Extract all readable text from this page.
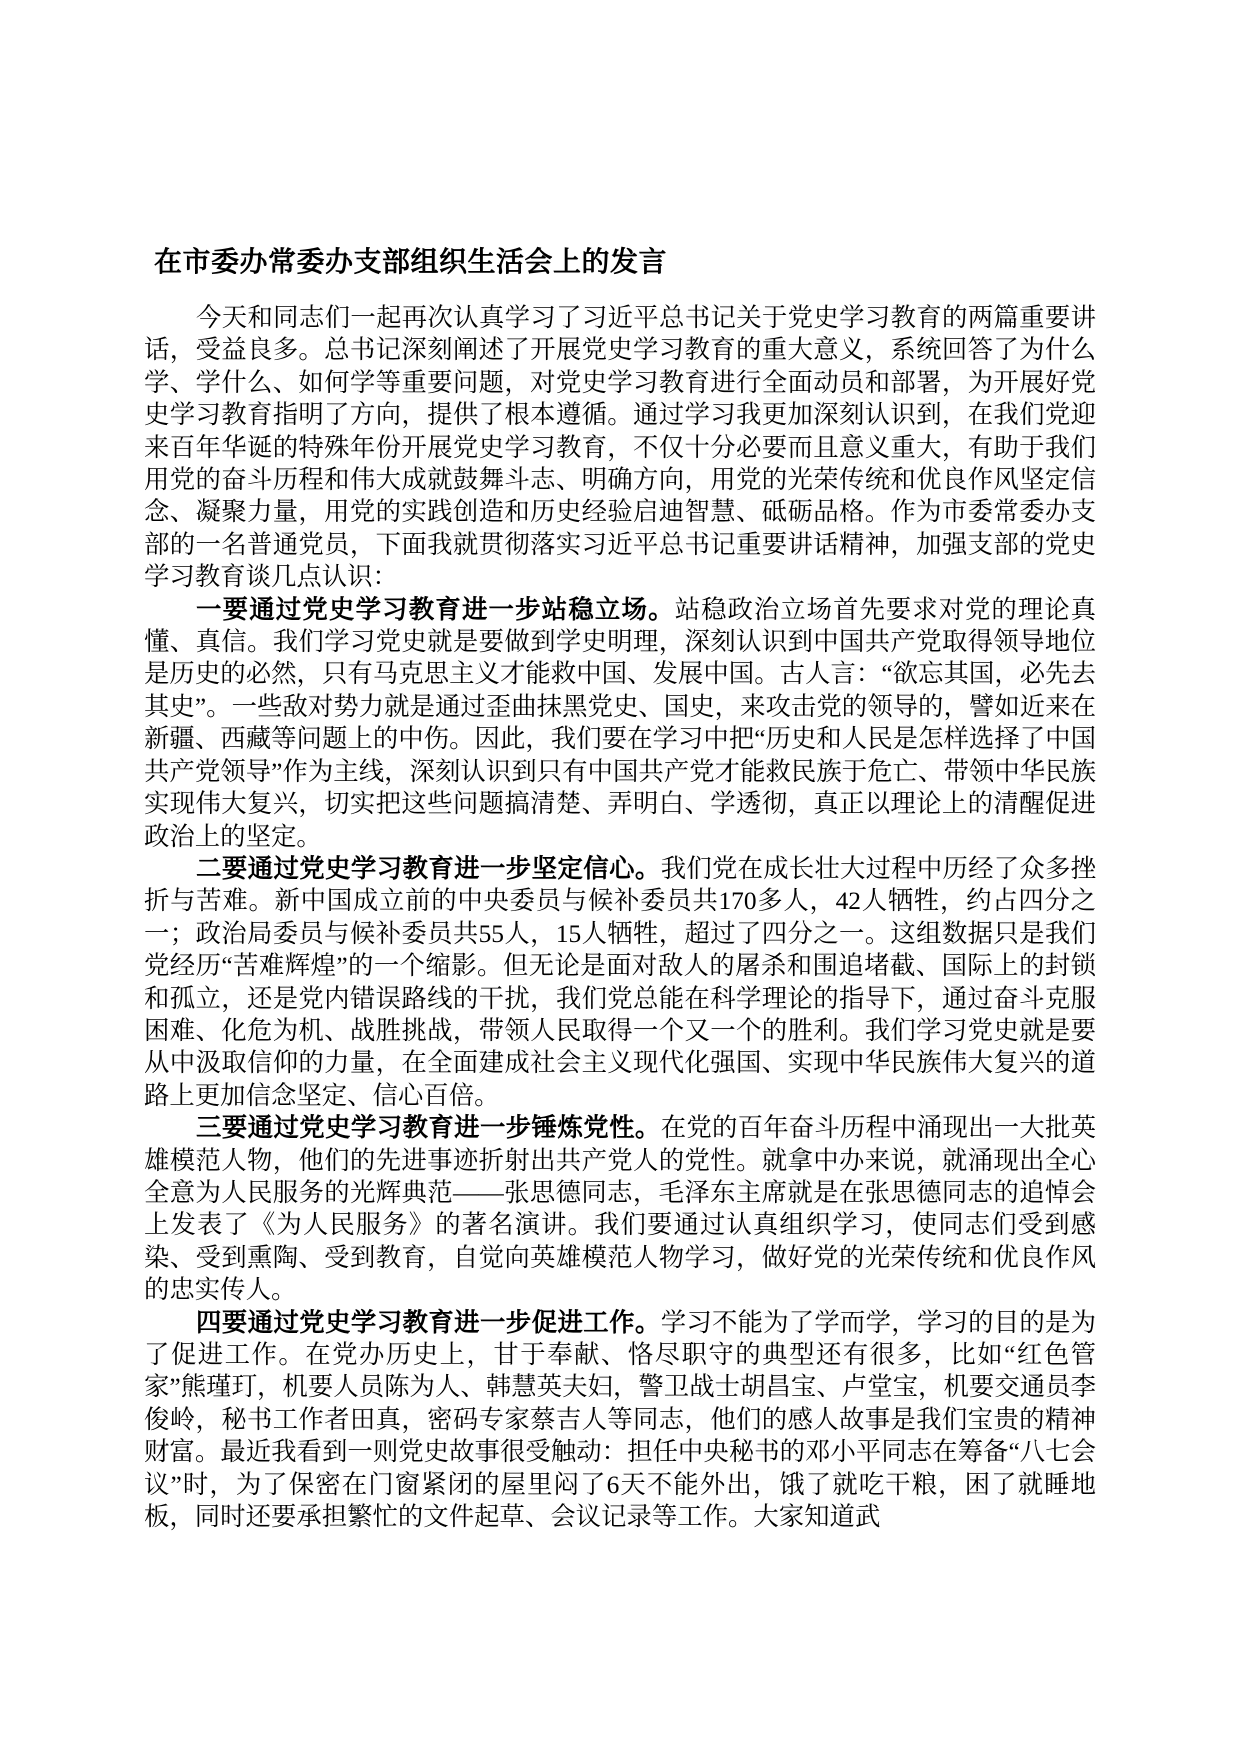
在市委办常委办支部组织生活会上的发言

今天和同志们一起再次认真学习了习近平总书记关于党史学习教育的两篇重要讲话，受益良多。总书记深刻阐述了开展党史学习教育的重大意义，系统回答了为什么学、学什么、如何学等重要问题，对党史学习教育进行全面动员和部署，为开展好党史学习教育指明了方向，提供了根本遵循。通过学习我更加深刻认识到，在我们党迎来百年华诞的特殊年份开展党史学习教育，不仅十分必要而且意义重大，有助于我们用党的奋斗历程和伟大成就鼓舞斗志、明确方向，用党的光荣传统和优良作风坚定信念、凝聚力量，用党的实践创造和历史经验启迪智慧、砥砺品格。作为市委常委办支部的一名普通党员，下面我就贯彻落实习近平总书记重要讲话精神，加强支部的党史学习教育谈几点认识：

一要通过党史学习教育进一步站稳立场。站稳政治立场首先要求对党的理论真懂、真信。我们学习党史就是要做到学史明理，深刻认识到中国共产党取得领导地位是历史的必然，只有马克思主义才能救中国、发展中国。古人言：“欲忘其国，必先去其史”。一些敌对势力就是通过歪曲抹黑党史、国史，来攻击党的领导的，譬如近来在新疆、西藏等问题上的中伤。因此，我们要在学习中把“历史和人民是怎样选择了中国共产党领导”作为主线，深刻认识到只有中国共产党才能救民族于危亡、带领中华民族实现伟大复兴，切实把这些问题搞清楚、弄明白、学透彻，真正以理论上的清醒促进政治上的坚定。

二要通过党史学习教育进一步坚定信心。我们党在成长壮大过程中历经了众多挫折与苦难。新中国成立前的中央委员与候补委员共170多人，42人牺牲，约占四分之一；政治局委员与候补委员共55人，15人牺牲，超过了四分之一。这组数据只是我们党经历“苦难辉煌”的一个缩影。但无论是面对敌人的屠杀和围追堵截、国际上的封锁和孤立，还是党内错误路线的干扰，我们党总能在科学理论的指导下，通过奋斗克服困难、化危为机、战胜挑战，带领人民取得一个又一个的胜利。我们学习党史就是要从中汲取信仰的力量，在全面建成社会主义现代化强国、实现中华民族伟大复兴的道路上更加信念坚定、信心百倍。

三要通过党史学习教育进一步锤炼党性。在党的百年奋斗历程中涌现出一大批英雄模范人物，他们的先进事迹折射出共产党人的党性。就拿中办来说，就涌现出全心全意为人民服务的光辉典范——张思德同志，毛泽东主席就是在张思德同志的追悼会上发表了《为人民服务》的著名演讲。我们要通过认真组织学习，使同志们受到感染、受到熏陶、受到教育，自觉向英雄模范人物学习，做好党的光荣传统和优良作风的忠实传人。

四要通过党史学习教育进一步促进工作。学习不能为了学而学，学习的目的是为了促进工作。在党办历史上，甘于奉献、恪尽职守的典型还有很多，比如“红色管家”熊瑾玎，机要人员陈为人、韩慧英夫妇，警卫战士胡昌宝、卢堂宝，机要交通员李俊岭，秘书工作者田真，密码专家蔡吉人等同志，他们的感人故事是我们宝贵的精神财富。最近我看到一则党史故事很受触动：担任中央秘书的邓小平同志在筹备“八七会议”时，为了保密在门窗紧闭的屋里闷了6天不能外出，饿了就吃干粮，困了就睡地板，同时还要承担繁忙的文件起草、会议记录等工作。大家知道武
